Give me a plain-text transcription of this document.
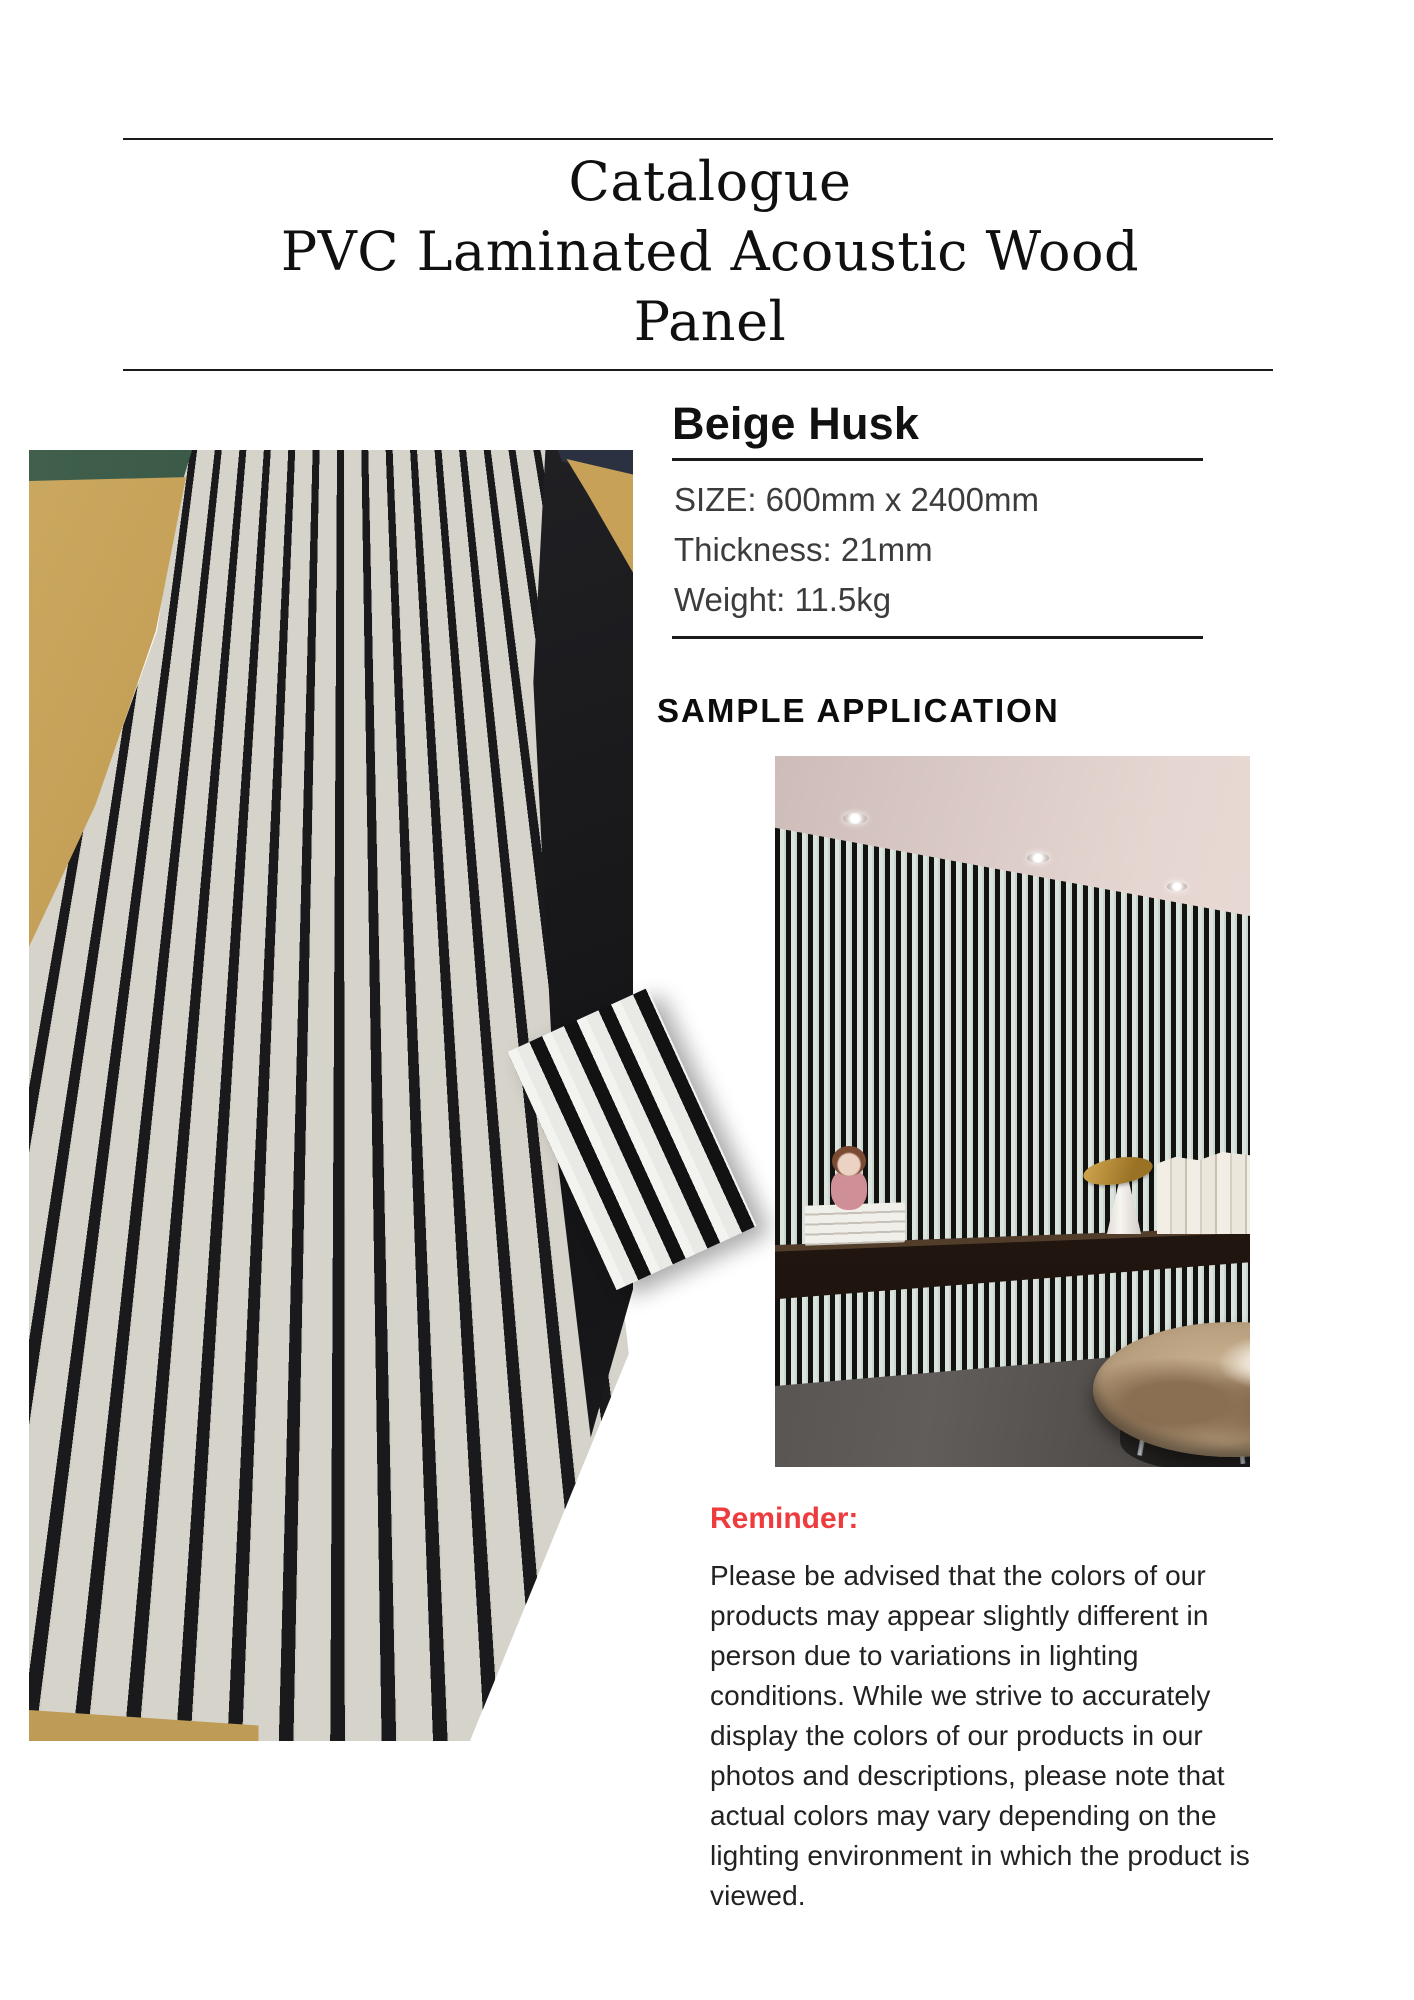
Catalogue
PVC Laminated Acoustic Wood
Panel
Beige Husk
SIZE: 600mm x 2400mm
Thickness: 21mm
Weight: 11.5kg
SAMPLE APPLICATION
Reminder:
Please be advised that the colors of our products may appear slightly different in person due to variations in lighting conditions. While we strive to accurately display the colors of our products in our photos and descriptions, please note that actual colors may vary depending on the lighting environment in which the product is viewed.
